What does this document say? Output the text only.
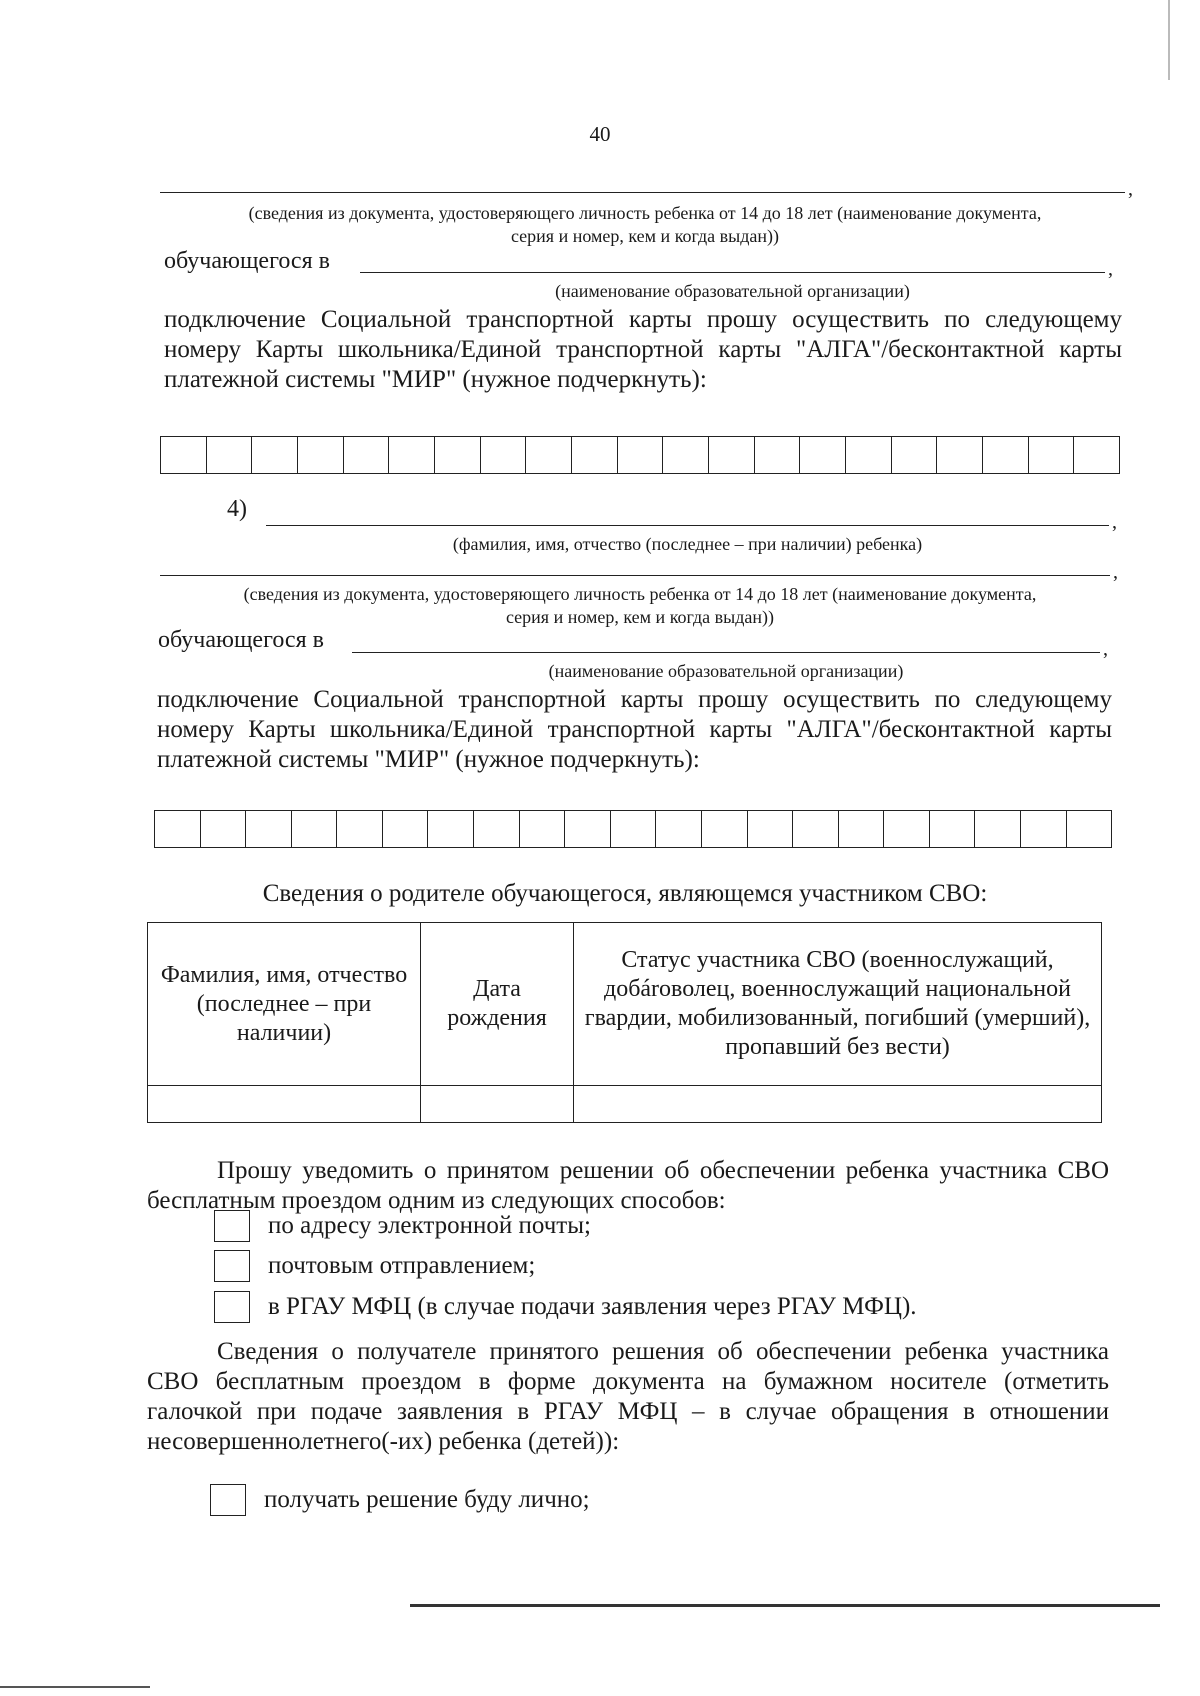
40
,
(сведения из документа, удостоверяющего личность ребенка от 14 до 18 лет (наименование документа,
серия и номер, кем и когда выдан))
обучающегося в	,
(наименование образовательной организации)
подключение Социальной транспортной карты прошу осуществить по следующему номеру Карты школьника/Единой транспортной карты "АЛГА"/бесконтактной карты платежной системы "МИР" (нужное подчеркнуть):
4)	,
(фамилия, имя, отчество (последнее – при наличии) ребенка)
,
(сведения из документа, удостоверяющего личность ребенка от 14 до 18 лет (наименование документа,
серия и номер, кем и когда выдан))
обучающегося в	,
(наименование образовательной организации)
подключение Социальной транспортной карты прошу осуществить по следующему номеру Карты школьника/Единой транспортной карты "АЛГА"/бесконтактной карты платежной системы "МИР" (нужное подчеркнуть):
Сведения о родителе обучающегося, являющемся участником СВО:
Фамилия, имя, отчество (последнее – при наличии)	Дата рождения	Статус участника СВО (военнослужащий, добároволец, военнослужащий национальной гвардии, мобилизованный, погибший (умерший), пропавший без вести)

Прошу уведомить о принятом решении об обеспечении ребенка участника СВО бесплатным проездом одним из следующих способов:
по адресу электронной почты;
почтовым отправлением;
в РГАУ МФЦ (в случае подачи заявления через РГАУ МФЦ).
Сведения о получателе принятого решения об обеспечении ребенка участника СВО бесплатным проездом в форме документа на бумажном носителе (отметить галочкой при подаче заявления в РГАУ МФЦ – в случае обращения в отношении несовершеннолетнего(-их) ребенка (детей)):
получать решение буду лично;
